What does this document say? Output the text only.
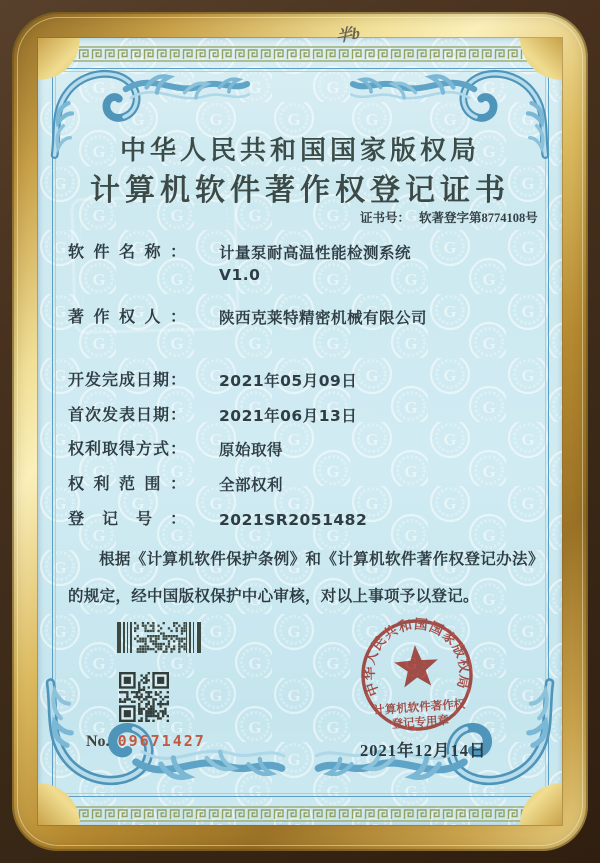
中华人民共和国国家版权局
计算机软件著作权登记证书
证书号： 软著登字第8774108号
软件名称： 计量泵耐高温性能检测系统
V1.0
著作权人： 陕西克莱特精密机械有限公司
开发完成日期： 2021年05月09日
首次发表日期： 2021年06月13日
权利取得方式： 原始取得
权利范围： 全部权利
登记号： 2021SR2051482
根据《计算机软件保护条例》和《计算机软件著作权登记办法》的规定，经中国版权保护中心审核，对以上事项予以登记。
No. 09671427
中华人民共和国国家版权局
计算机软件著作权
登记专用章
2021年12月14日
半b
